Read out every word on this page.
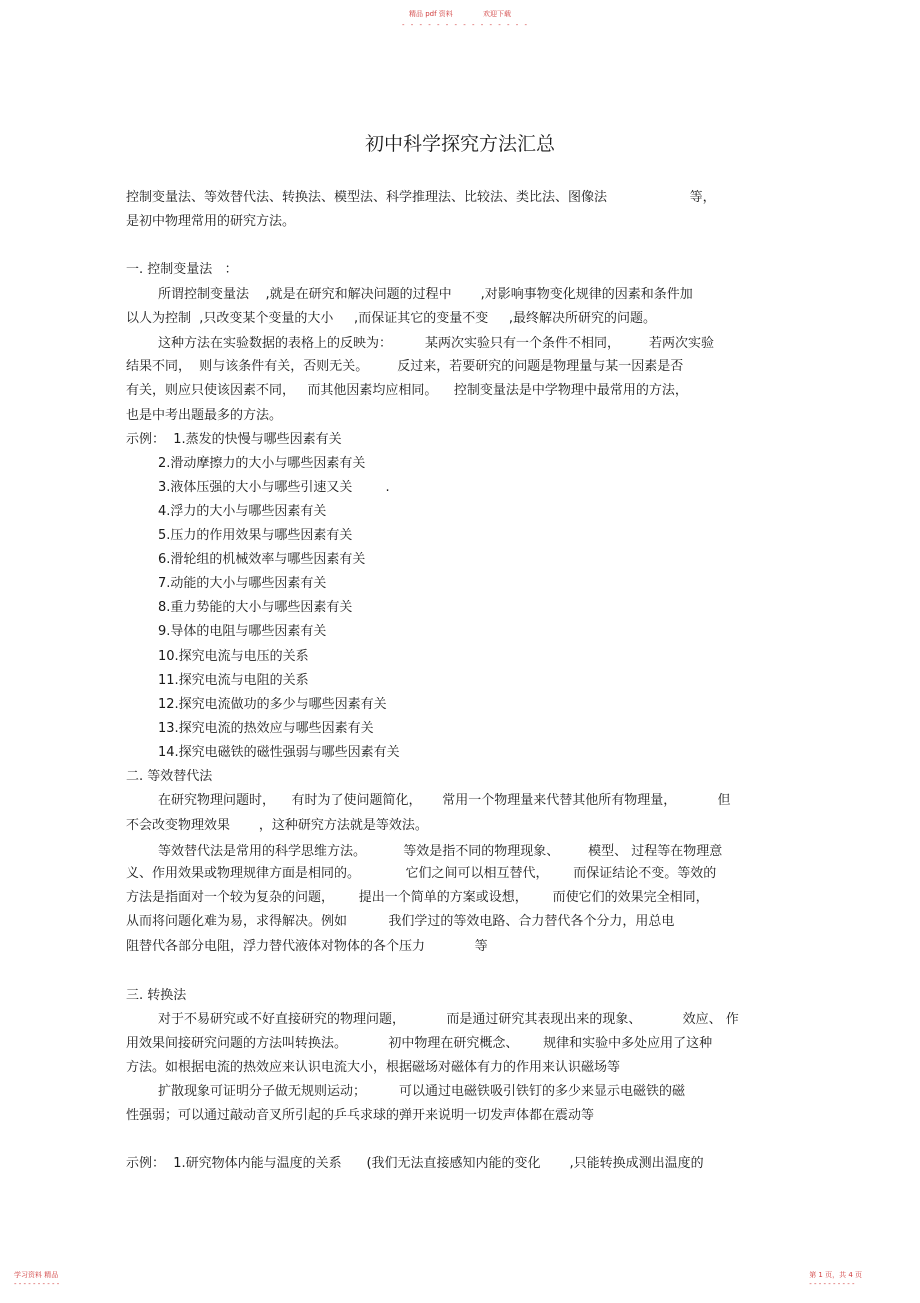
精品 pdf 资料	欢迎下载
- - - - - - - - - - - - - - -
初中科学探究方法汇总
控制变量法、等效替代法、转换法、模型法、科学推理法、比较法、类比法、图像法                    等，
是初中物理常用的研究方法。
一. 控制变量法   ：
所谓控制变量法    ,就是在研究和解决问题的过程中       ,对影响事物变化规律的因素和条件加
以人为控制  ,只改变某个变量的大小     ,而保证其它的变量不变     ,最终解决所研究的问题。
这种方法在实验数据的表格上的反映为：        某两次实验只有一个条件不相同，       若两次实验
结果不同，  则与该条件有关，否则无关。       反过来，若要研究的问题是物理量与某一因素是否
有关，则应只使该因素不同，   而其他因素均应相同。    控制变量法是中学物理中最常用的方法，
也是中考出题最多的方法。
示例：  1.蒸发的快慢与哪些因素有关
2.滑动摩擦力的大小与哪些因素有关
3.液体压强的大小与哪些引速又关        .
4.浮力的大小与哪些因素有关
5.压力的作用效果与哪些因素有关
6.滑轮组的机械效率与哪些因素有关
7.动能的大小与哪些因素有关
8.重力势能的大小与哪些因素有关
9.导体的电阻与哪些因素有关
10.探究电流与电压的关系
11.探究电流与电阻的关系
12.探究电流做功的多少与哪些因素有关
13.探究电流的热效应与哪些因素有关
14.探究电磁铁的磁性强弱与哪些因素有关
二. 等效替代法
在研究物理问题时，    有时为了使问题简化，     常用一个物理量来代替其他所有物理量，          但
不会改变物理效果       ，这种研究方法就是等效法。
等效替代法是常用的科学思维方法。         等效是指不同的物理现象、       模型、 过程等在物理意
义、作用效果或物理规律方面是相同的。           它们之间可以相互替代，      而保证结论不变。等效的
方法是指面对一个较为复杂的问题，      提出一个简单的方案或设想，      而使它们的效果完全相同，
从而将问题化难为易，求得解决。例如          我们学过的等效电路、合力替代各个分力，用总电
阻替代各部分电阻，浮力替代液体对物体的各个压力            等
三. 转换法
对于不易研究或不好直接研究的物理问题，          而是通过研究其表现出来的现象、          效应、 作
用效果间接研究问题的方法叫转换法。          初中物理在研究概念、      规律和实验中多处应用了这种
方法。如根据电流的热效应来认识电流大小，根据磁场对磁体有力的作用来认识磁场等
扩散现象可证明分子做无规则运动；        可以通过电磁铁吸引铁钉的多少来显示电磁铁的磁
性强弱；可以通过敲动音叉所引起的乒乓求球的弹开来说明一切发声体都在震动等
示例：  1.研究物体内能与温度的关系      (我们无法直接感知内能的变化       ,只能转换成测出温度的
学习资料 精品
- - - - - - - - - -
第 1 页，共 4 页
- - - - - - - - - -
